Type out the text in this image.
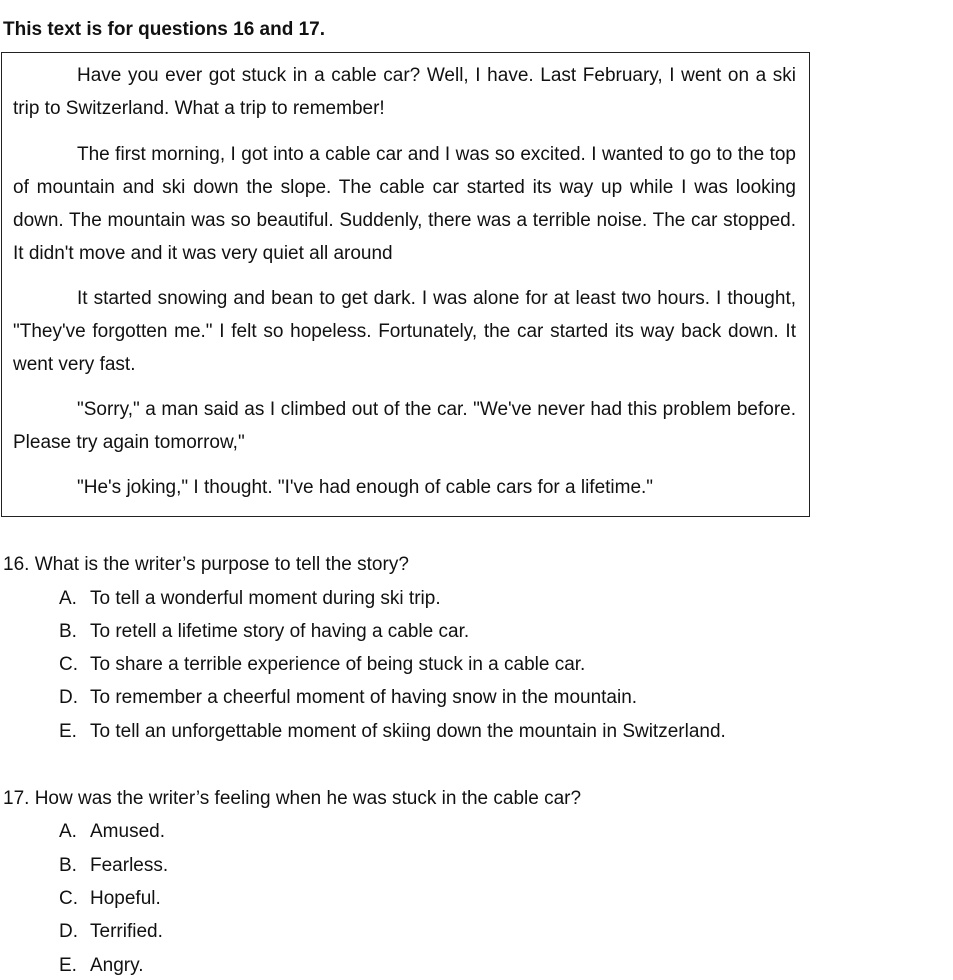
This text is for questions 16 and 17.

Have you ever got stuck in a cable car? Well, I have. Last February, I went on a ski trip to Switzerland. What a trip to remember!

The first morning, I got into a cable car and I was so excited. I wanted to go to the top of mountain and ski down the slope. The cable car started its way up while I was looking down. The mountain was so beautiful. Suddenly, there was a terrible noise. The car stopped. It didn't move and it was very quiet all around

It started snowing and bean to get dark. I was alone for at least two hours. I thought, "They've forgotten me." I felt so hopeless. Fortunately, the car started its way back down. It went very fast.

"Sorry," a man said as I climbed out of the car. "We've never had this problem before. Please try again tomorrow,"

"He's joking," I thought. "I've had enough of cable cars for a lifetime."

16. What is the writer’s purpose to tell the story?
A. To tell a wonderful moment during ski trip.
B. To retell a lifetime story of having a cable car.
C. To share a terrible experience of being stuck in a cable car.
D. To remember a cheerful moment of having snow in the mountain.
E. To tell an unforgettable moment of skiing down the mountain in Switzerland.
17. How was the writer’s feeling when he was stuck in the cable car?
A. Amused.
B. Fearless.
C. Hopeful.
D. Terrified.
E. Angry.
